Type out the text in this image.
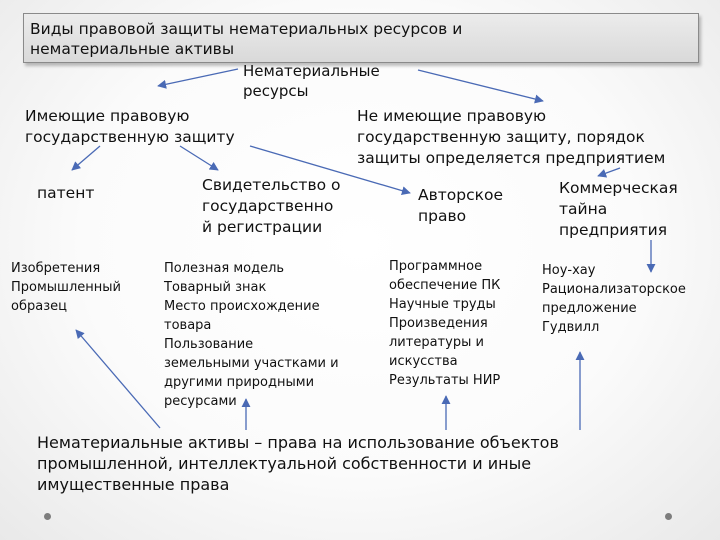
Виды правовой защиты нематериальных ресурсов и
нематериальные активы
Нематериальные
ресурсы
Имеющие правовую
государственную защиту
Не имеющие правовую
государственную защиту, порядок
защиты определяется предприятием
патент	Свидетельство о
государственно
й регистрации
Авторское
право
Коммерческая
тайна
предприятия
Изобретения
Промышленный
образец
Полезная модель
Товарный знак
Место происхождение
товара
Пользование
земельными участками и
другими природными
ресурсами
Программное
обеспечение ПК
Научные труды
Произведения
литературы и
искусства
Результаты НИР
Ноу-хау
Рационализаторское
предложение
Гудвилл
Нематериальные активы – права на использование объектов
промышленной, интеллектуальной собственности и иные
имущественные права
